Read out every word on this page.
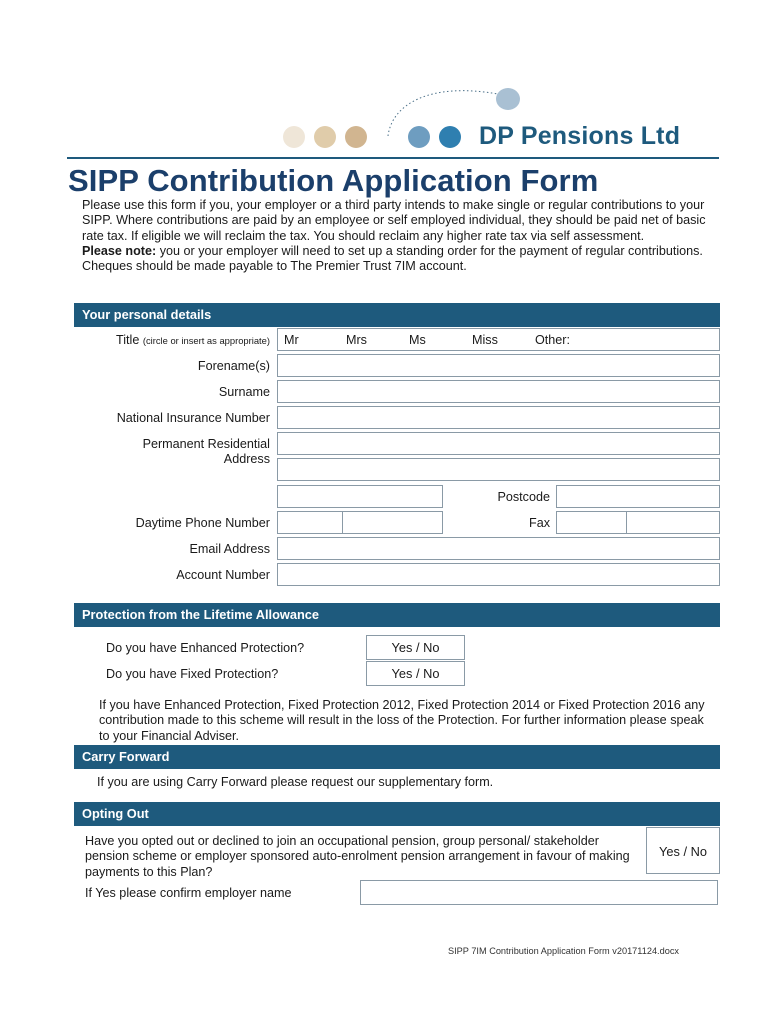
DP Pensions Ltd
SIPP Contribution Application Form
Please use this form if you, your employer or a third party intends to make single or regular contributions to your SIPP. Where contributions are paid by an employee or self employed individual, they should be paid net of basic rate tax. If eligible we will reclaim the tax. You should reclaim any higher rate tax via self assessment.
Please note: you or your employer will need to set up a standing order for the payment of regular contributions. Cheques should be made payable to The Premier Trust 7IM account.
Your personal details
Title (circle or insert as appropriate) Mr	Mrs	Ms	Miss	Other:
Forename(s)
Surname
National Insurance Number
Permanent Residential
Address
Postcode
Daytime Phone Number	Fax
Email Address
Account Number
Protection from the Lifetime Allowance
Do you have Enhanced Protection?	Yes / No
Do you have Fixed Protection?	Yes / No
If you have Enhanced Protection, Fixed Protection 2012, Fixed Protection 2014 or Fixed Protection 2016 any contribution made to this scheme will result in the loss of the Protection. For further information please speak to your Financial Adviser.
Carry Forward
If you are using Carry Forward please request our supplementary form.
Opting Out
Have you opted out or declined to join an occupational pension, group personal/ stakeholder pension scheme or employer sponsored auto-enrolment pension arrangement in favour of making payments to this Plan?
Yes / No
If Yes please confirm employer name
SIPP 7IM Contribution Application Form v20171124.docx
